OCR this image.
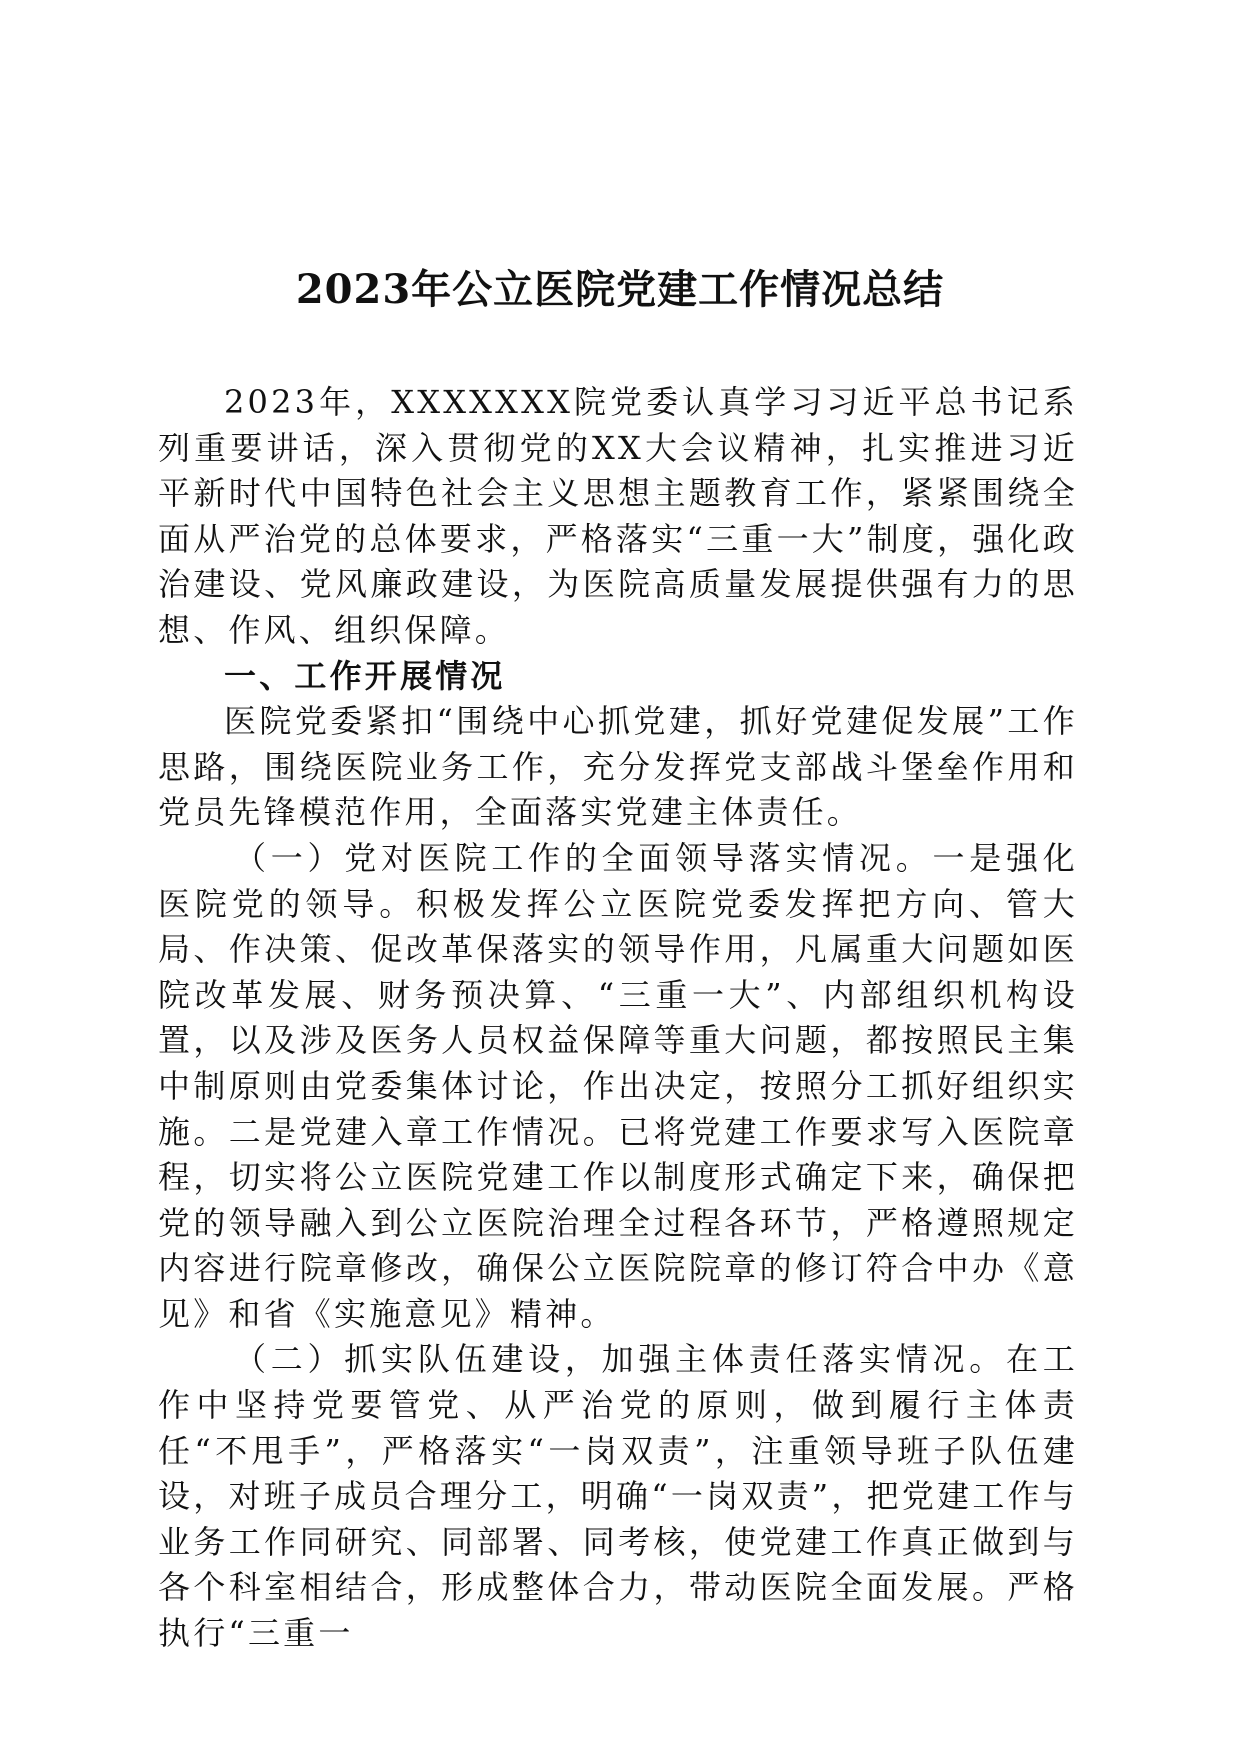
2023年公立医院党建工作情况总结

2023年，XXXXXXX院党委认真学习习近平总书记系列重要讲话，深入贯彻党的XX大会议精神，扎实推进习近平新时代中国特色社会主义思想主题教育工作，紧紧围绕全面从严治党的总体要求，严格落实“三重一大”制度，强化政治建设、党风廉政建设，为医院高质量发展提供强有力的思想、作风、组织保障。

一、工作开展情况

医院党委紧扣“围绕中心抓党建，抓好党建促发展”工作思路，围绕医院业务工作，充分发挥党支部战斗堡垒作用和党员先锋模范作用，全面落实党建主体责任。

（一）党对医院工作的全面领导落实情况。一是强化医院党的领导。积极发挥公立医院党委发挥把方向、管大局、作决策、促改革保落实的领导作用，凡属重大问题如医院改革发展、财务预决算、“三重一大”、内部组织机构设置，以及涉及医务人员权益保障等重大问题，都按照民主集中制原则由党委集体讨论，作出决定，按照分工抓好组织实施。二是党建入章工作情况。已将党建工作要求写入医院章程，切实将公立医院党建工作以制度形式确定下来，确保把党的领导融入到公立医院治理全过程各环节，严格遵照规定内容进行院章修改，确保公立医院院章的修订符合中办《意见》和省《实施意见》精神。

（二）抓实队伍建设，加强主体责任落实情况。在工作中坚持党要管党、从严治党的原则，做到履行主体责任“不甩手”，严格落实“一岗双责”，注重领导班子队伍建设，对班子成员合理分工，明确“一岗双责”，把党建工作与业务工作同研究、同部署、同考核，使党建工作真正做到与各个科室相结合，形成整体合力，带动医院全面发展。严格执行“三重一
